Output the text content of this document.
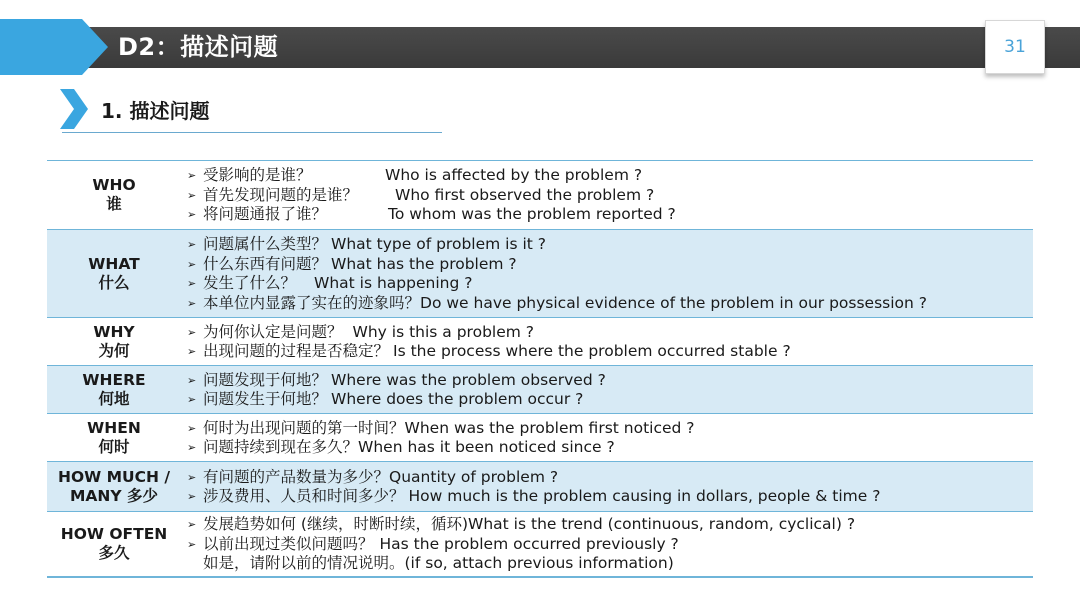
D2：描述问题	31
1. 描述问题
WHO
谁
➢ 受影响的是谁？	Who is affected by the problem ?
➢ 首先发现问题的是谁？	Who first observed the problem ?
➢ 将问题通报了谁？	To whom was the problem reported ?
WHAT
什么
➢ 问题属什么类型？ What type of problem is it ?
➢ 什么东西有问题？ What has the problem ?
➢ 发生了什么？	What is happening ?
➢ 本单位内显露了实在的迹象吗？ Do we have physical evidence of the problem in our possession ?
WHY
为何
➢ 为何你认定是问题？ Why is this a problem ?
➢ 出现问题的过程是否稳定？ Is the process where the problem occurred stable ?
WHERE
何地
➢ 问题发现于何地？ Where was the problem observed ?
➢ 问题发生于何地？ Where does the problem occur ?
WHEN
何时
➢ 何时为出现问题的第一时间？ When was the problem first noticed ?
➢ 问题持续到现在多久？ When has it been noticed since ?
HOW MUCH /
MANY 多少
➢ 有问题的产品数量为多少？ Quantity of problem ?
➢ 涉及费用、人员和时间多少？ How much is the problem causing in dollars, people & time ?
HOW OFTEN
多久
➢ 发展趋势如何 (继续，时断时续，循环) What is the trend (continuous, random, cyclical) ?
➢ 以前出现过类似问题吗？ Has the problem occurred previously ?
如是，请附以前的情况说明。(if so, attach previous information)
